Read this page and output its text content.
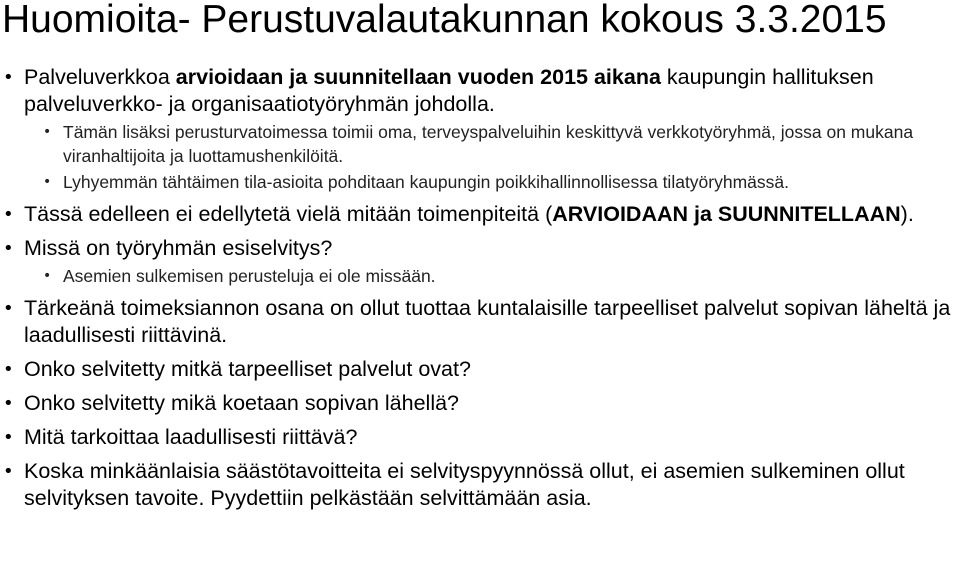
Huomioita- Perustuvalautakunnan kokous 3.3.2015
• Palveluverkkoa arvioidaan ja suunnitellaan vuoden 2015 aikana kaupungin hallituksen palveluverkko- ja organisaatiotyöryhmän johdolla.
• Tämän lisäksi perusturvatoimessa toimii oma, terveyspalveluihin keskittyvä verkkotyöryhmä, jossa on mukana viranhaltijoita ja luottamushenkilöitä.
• Lyhyemmän tähtäimen tila-asioita pohditaan kaupungin poikkihallinnollisessa tilatyöryhmässä.
• Tässä edelleen ei edellytetä vielä mitään toimenpiteitä (ARVIOIDAAN ja SUUNNITELLAAN).
• Missä on työryhmän esiselvitys?
• Asemien sulkemisen perusteluja ei ole missään.
• Tärkeänä toimeksiannon osana on ollut tuottaa kuntalaisille tarpeelliset palvelut sopivan läheltä ja laadullisesti riittävinä.
• Onko selvitetty mitkä tarpeelliset palvelut ovat?
• Onko selvitetty mikä koetaan sopivan lähellä?
• Mitä tarkoittaa laadullisesti riittävä?
• Koska minkäänlaisia säästötavoitteita ei selvityspyynnössä ollut, ei asemien sulkeminen ollut selvityksen tavoite. Pyydettiin pelkästään selvittämään asia.
